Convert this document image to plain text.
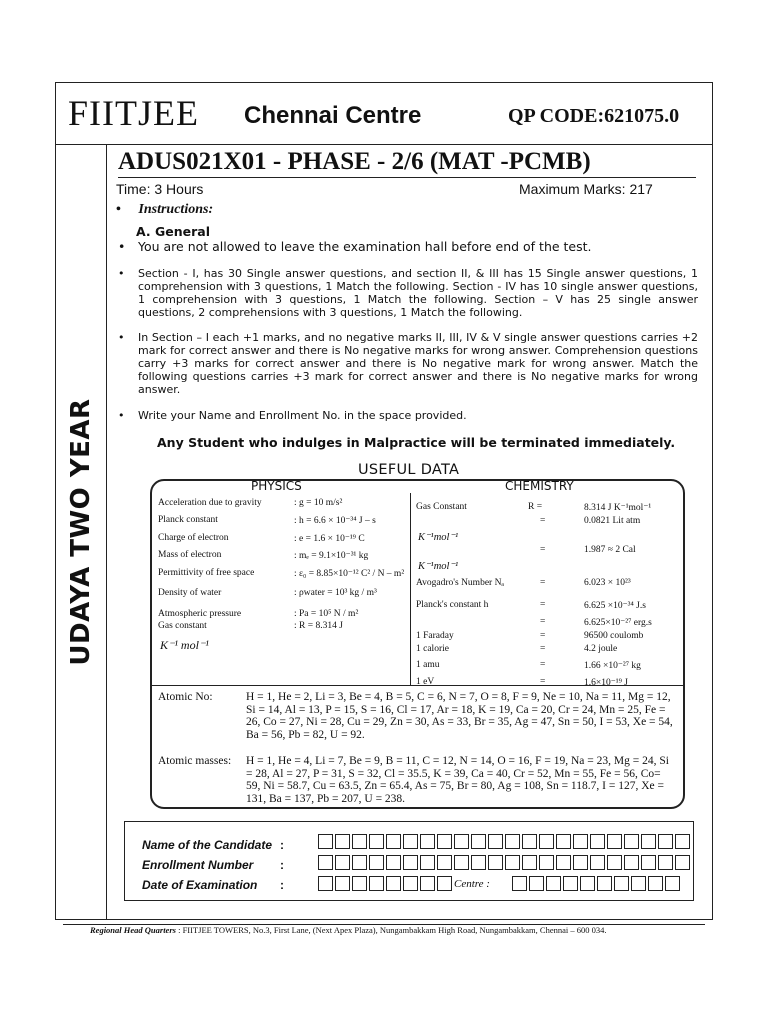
UDAYA TWO YEAR
FIITJEE Chennai Centre	QP CODE:621075.0
ADUS021X01 - PHASE - 2/6 (MAT -PCMB)
Time: 3 Hours	Maximum Marks: 217
• Instructions:
A. General
• You are not allowed to leave the examination hall before end of the test.
• Section - I, has 30 Single answer questions, and section II, & III has 15 Single answer questions, 1 comprehension with 3 questions, 1 Match the following. Section - IV has 10 single answer questions, 1 comprehension with 3 questions, 1 Match the following. Section – V has 25 single answer questions, 2 comprehensions with 3 questions, 1 Match the following.
• In Section – I each +1 marks, and no negative marks II, III, IV & V single answer questions carries +2 mark for correct answer and there is No negative marks for wrong answer. Comprehension questions carry +3 marks for correct answer and there is No negative mark for wrong answer. Match the following questions carries +3 mark for correct answer and there is No negative marks for wrong answer.
• Write your Name and Enrollment No. in the space provided.
Any Student who indulges in Malpractice will be terminated immediately.
USEFUL DATA
PHYSICS	CHEMISTRY
Acceleration due to gravity	: g = 10 m/s²
Planck constant	: h = 6.6 × 10⁻³⁴ J – s
Charge of electron	: e = 1.6 × 10⁻¹⁹ C
Mass of electron	: mₑ = 9.1×10⁻³¹ kg
Permittivity of free space	: ε₀ = 8.85×10⁻¹² C² / N – m²
Density of water	: ρwater = 10³ kg / m³
Atmospheric pressure	: Pa = 10⁵ N / m²
Gas constant	: R = 8.314 J
K⁻¹ mol⁻¹
Gas Constant	R =	8.314 J K⁻¹mol⁻¹
=	0.0821 Lit atm
K⁻¹mol⁻¹
=	1.987 ≈ 2 Cal
K⁻¹mol⁻¹
Avogadro's Number Nₐ	=	6.023 × 10²³
Planck's constant h	=	6.625 ×10⁻³⁴ J.s
=	6.625×10⁻²⁷ erg.s
1 Faraday	=	96500 coulomb
1 calorie	=	4.2 joule
1 amu	=	1.66 ×10⁻²⁷ kg
1 eV	=	1.6×10⁻¹⁹ J
Atomic No:	H = 1, He = 2, Li = 3, Be = 4, B = 5, C = 6, N = 7, O = 8, F = 9, Ne = 10, Na = 11, Mg = 12, Si = 14, Al = 13, P = 15, S = 16, Cl = 17, Ar = 18, K = 19, Ca = 20, Cr = 24, Mn = 25, Fe = 26, Co = 27, Ni = 28, Cu = 29, Zn = 30, As = 33, Br = 35, Ag = 47, Sn = 50, I = 53, Xe = 54, Ba = 56, Pb = 82, U = 92.
Atomic masses: H = 1, He = 4, Li = 7, Be = 9, B = 11, C = 12, N = 14, O = 16, F = 19, Na = 23, Mg = 24, Si = 28, Al = 27, P = 31, S = 32, Cl = 35.5, K = 39, Ca = 40, Cr = 52, Mn = 55, Fe = 56, Co= 59, Ni = 58.7, Cu = 63.5, Zn = 65.4, As = 75, Br = 80, Ag = 108, Sn = 118.7, I = 127, Xe = 131, Ba = 137, Pb = 207, U = 238.
Name of the Candidate :
Enrollment Number :
Date of Examination :	Centre :
Regional Head Quarters : FIITJEE TOWERS, No.3, First Lane, (Next Apex Plaza), Nungambakkam High Road, Nungambakkam, Chennai – 600 034.
